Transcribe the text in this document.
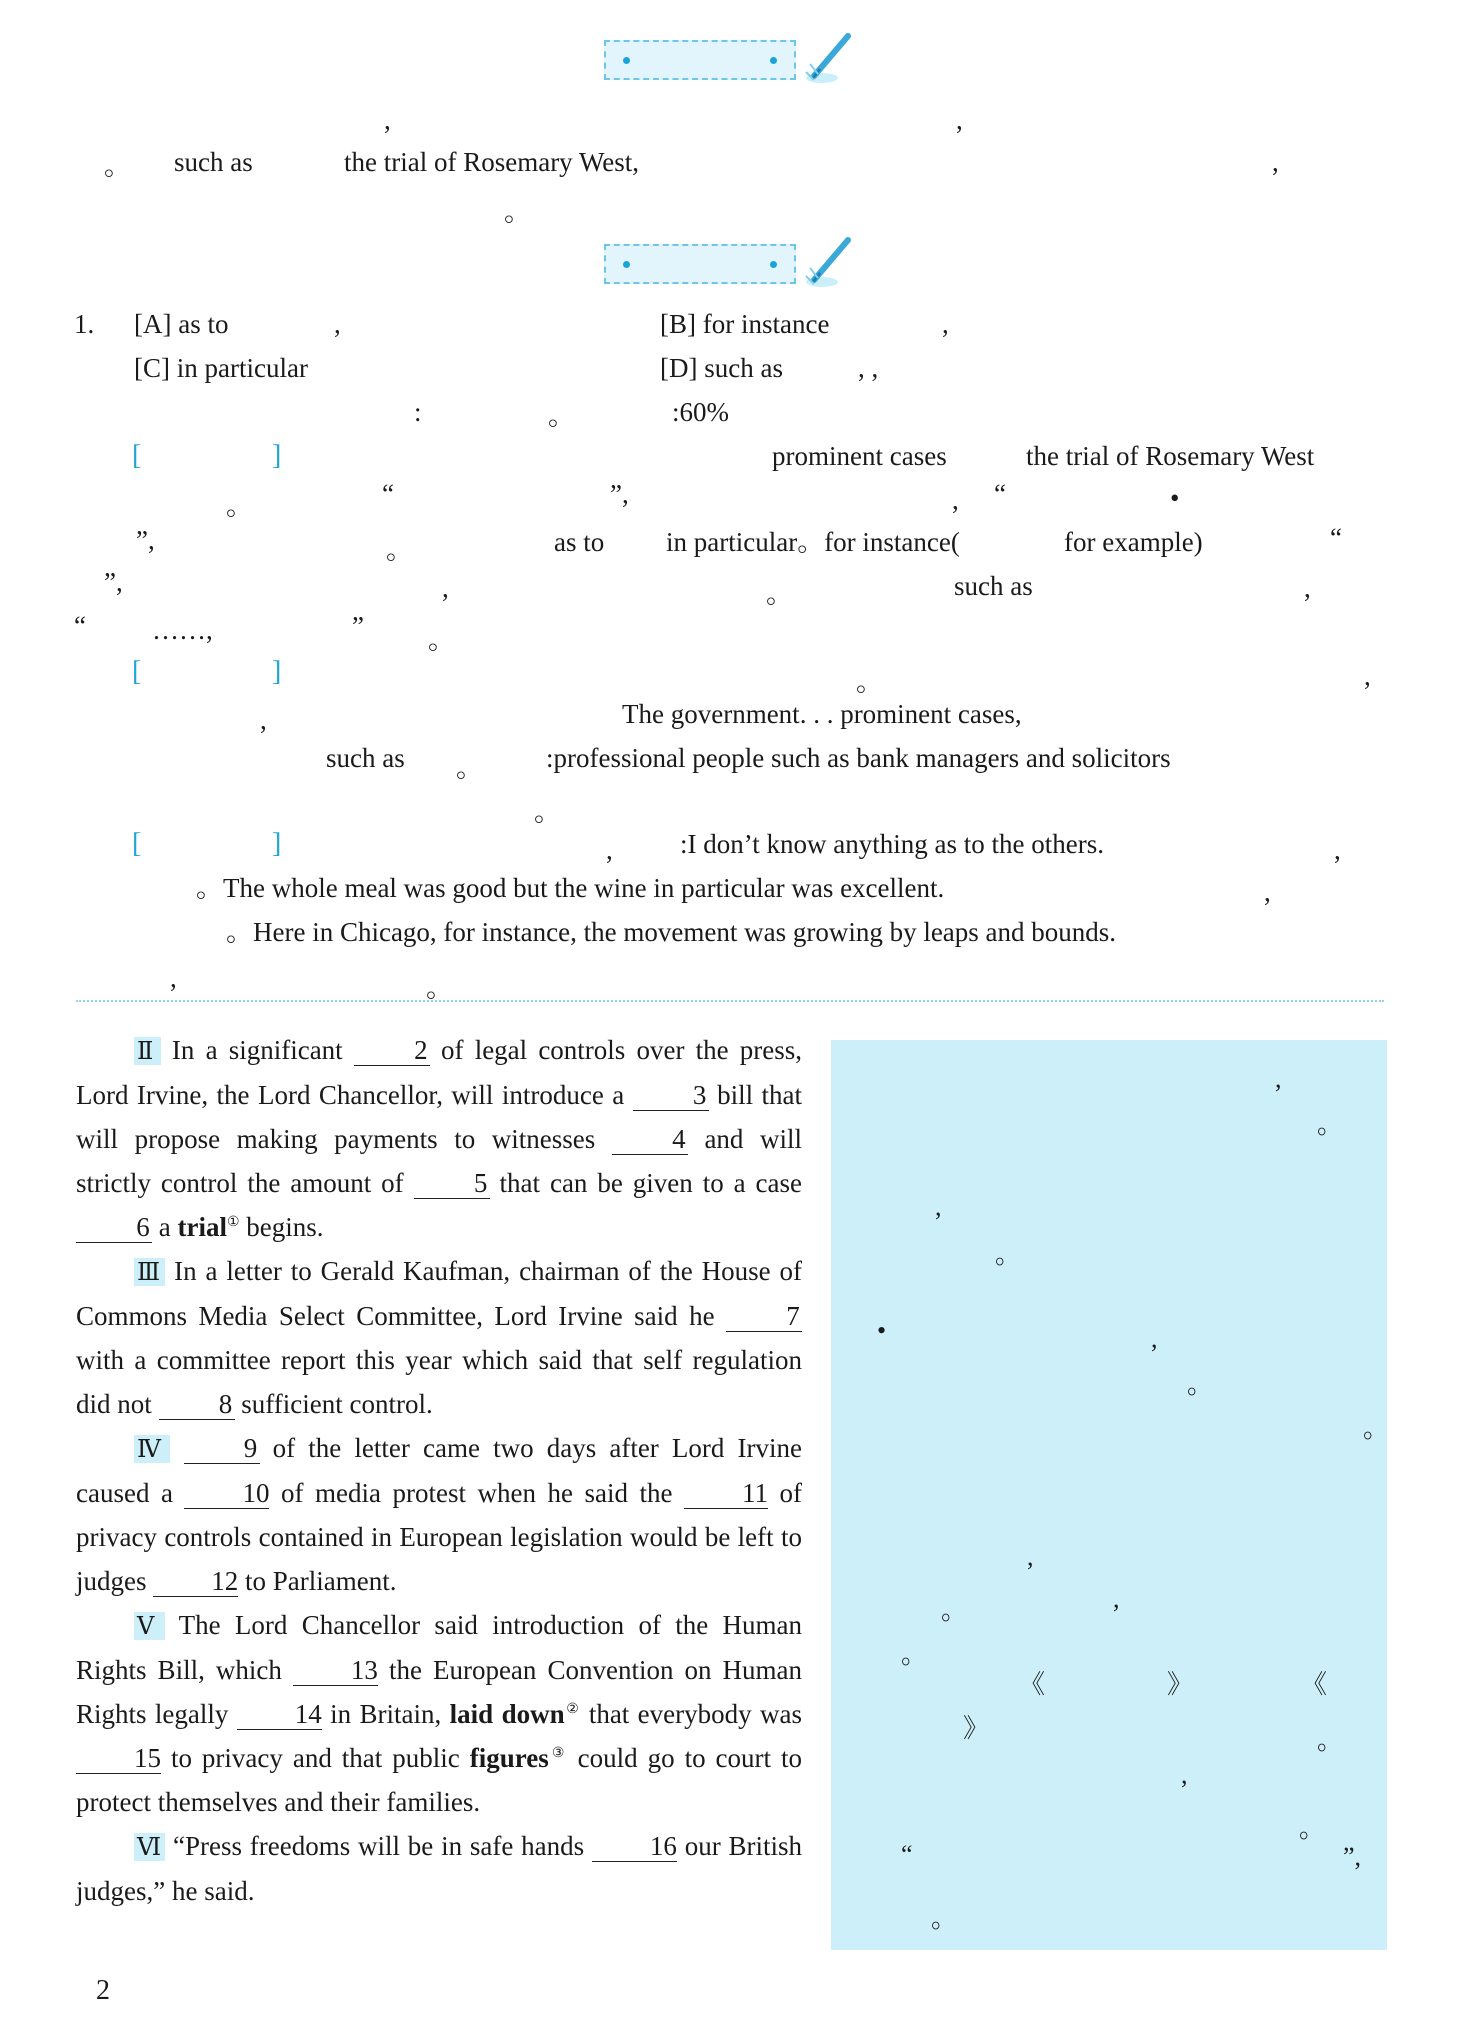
,	,
。 such as	the trial of Rosemary West,	,
。
1. [A] as to	,	[B] for instance	,
[C] in particular	[D] such as	, ,
:	。	:60%
[	]	prominent cases	the trial of Rosemary West
。	“	”,	, “	•
”,	。	as to in particular。for instance(	for example)	“
”,	,	。	such as	,
“ ……,	” 。
[	]	。	,
,	The government. . . prominent cases,
such as 。 :professional people such as bank managers and solicitors
。
[	]	, :I don’t know anything as to the others.	,
。The whole meal was good but the wine in particular was excellent.	,
。Here in Chicago, for instance, the movement was growing by leaps and bounds.
,	。

Ⅱ In a significant	2 of legal controls over the press, Lord Irvine, the Lord Chancellor, will introduce a	3 bill that will propose making payments to witnesses	4 and will strictly control the amount of	5 that can be given to a case 6 a trial① begins.

Ⅲ In a letter to Gerald Kaufman, chairman of the House of Commons Media Select Committee, Lord Irvine said he	7 with a committee report this year which said that self regulation did not 8 sufficient control.

Ⅳ	9 of the letter came two days after Lord Irvine caused a	10 of media protest when he said the	11 of privacy controls contained in European legislation would be left to judges 12 to Parliament.

Ⅴ The Lord Chancellor said introduction of the Human Rights Bill, which	13 the European Convention on Human Rights legally 14 in Britain, laid down② that everybody was 15 to privacy and that public figures③ could go to court to protect themselves and their families.

Ⅵ “Press freedoms will be in safe hands 16 our British judges,” he said.

,
。
,
。
•	,
。
。
,
。	,
。
《	》	《
》	。
,
。
“	”,
。
2
